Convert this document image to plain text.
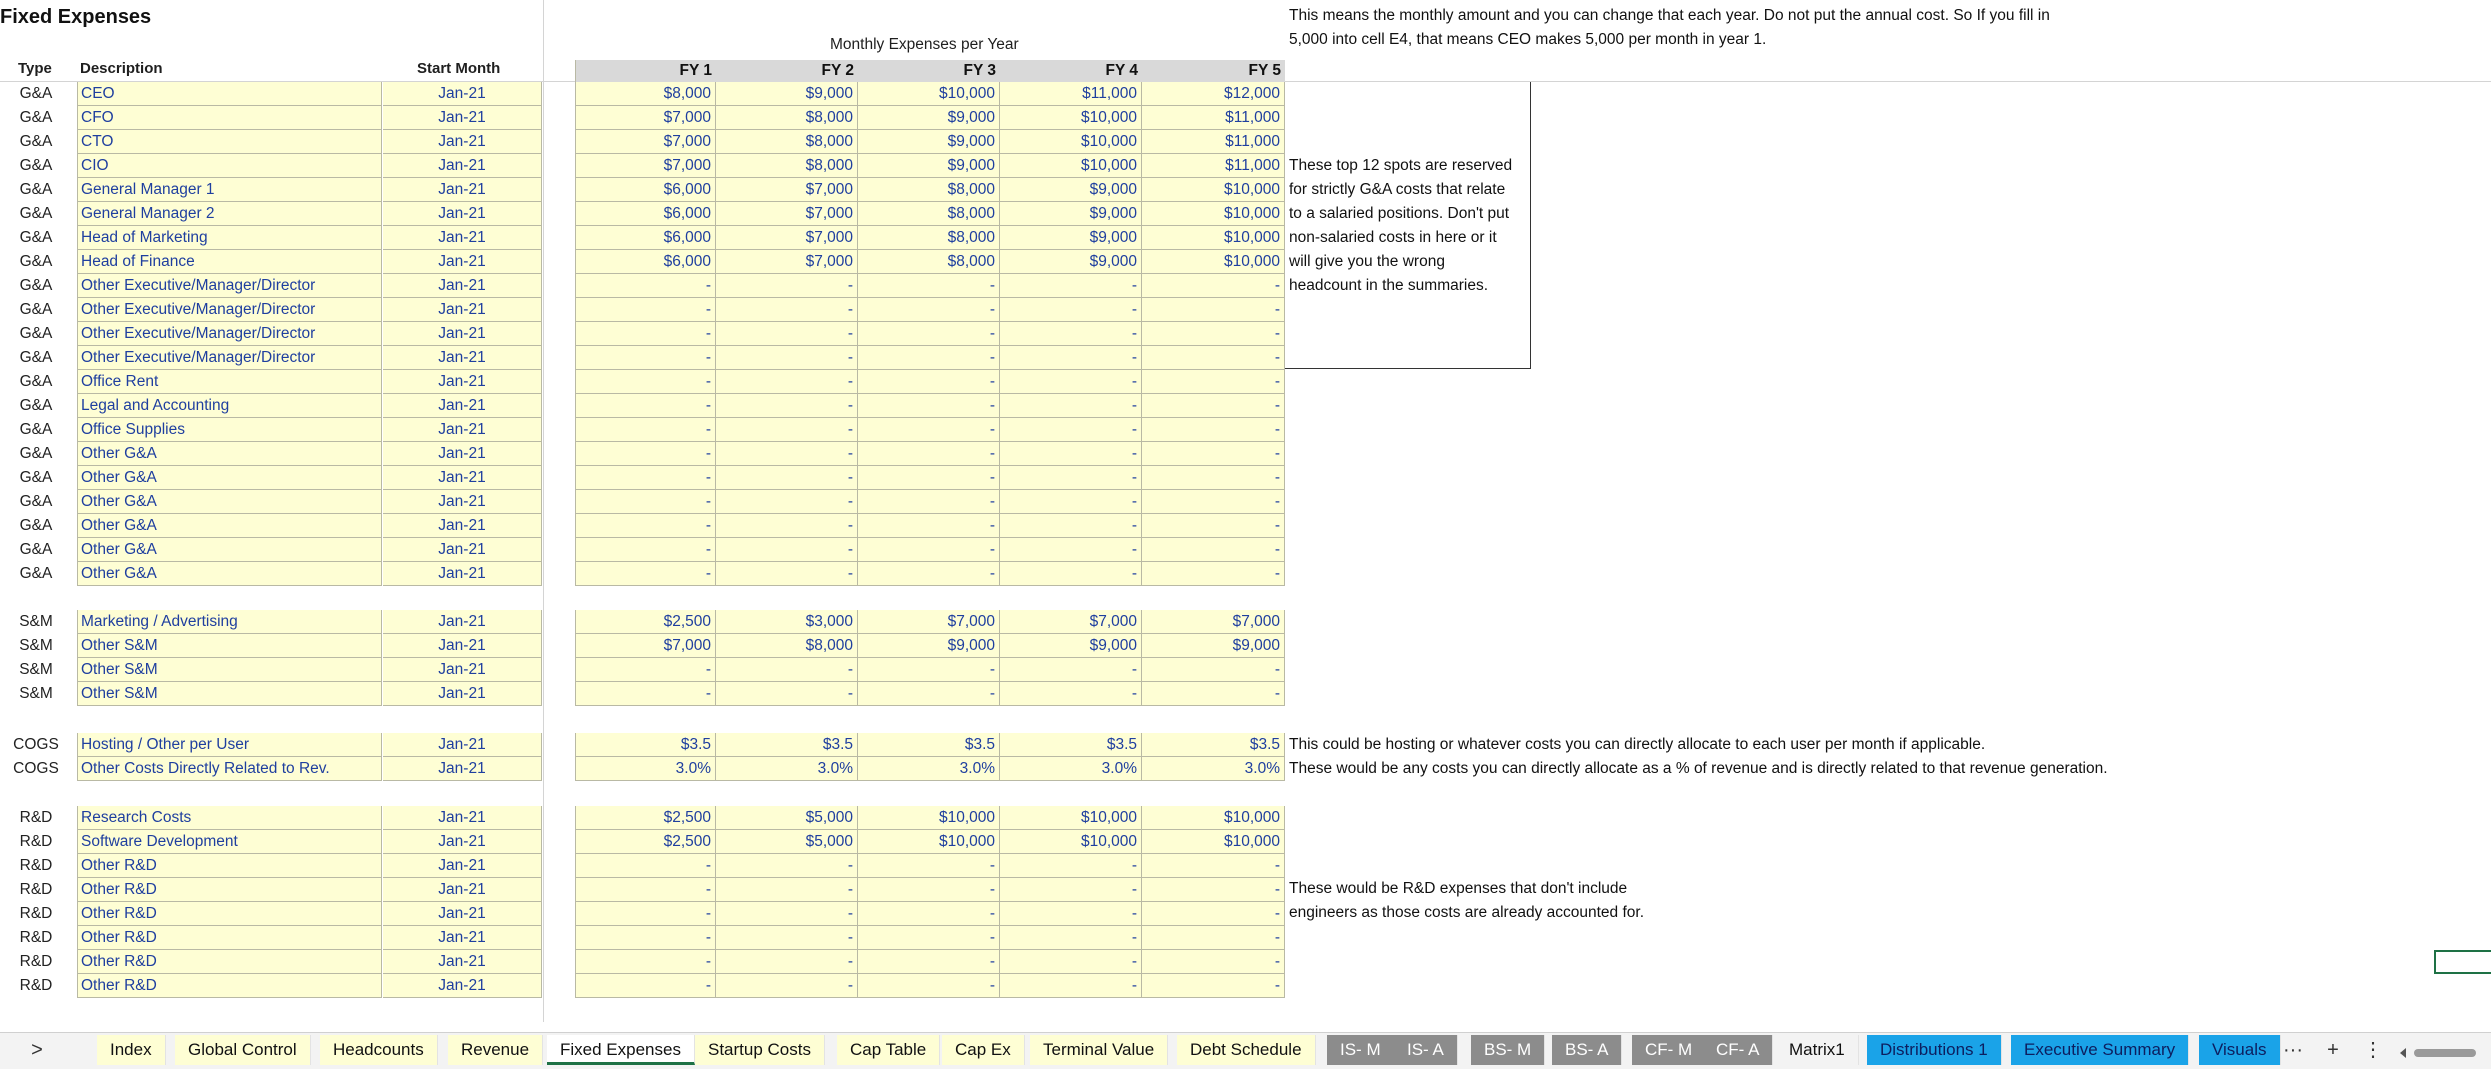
Fixed Expenses
Monthly Expenses per Year
Type Description	Start Month	FY 1	FY 2	FY 3	FY 4	FY 5
G&A	CEO	Jan-21	$8,000	$9,000	$10,000	$11,000	$12,000
G&A	CFO	Jan-21	$7,000	$8,000	$9,000	$10,000	$11,000
G&A	CTO	Jan-21	$7,000	$8,000	$9,000	$10,000	$11,000
G&A	CIO	Jan-21	$7,000	$8,000	$9,000	$10,000	$11,000
G&A	General Manager 1	Jan-21	$6,000	$7,000	$8,000	$9,000	$10,000
G&A	General Manager 2	Jan-21	$6,000	$7,000	$8,000	$9,000	$10,000
G&A	Head of Marketing	Jan-21	$6,000	$7,000	$8,000	$9,000	$10,000
G&A	Head of Finance	Jan-21	$6,000	$7,000	$8,000	$9,000	$10,000
G&A	Other Executive/Manager/Director	Jan-21	-	-	-	-	-
G&A	Other Executive/Manager/Director	Jan-21	-	-	-	-	-
G&A	Other Executive/Manager/Director	Jan-21	-	-	-	-	-
G&A	Other Executive/Manager/Director	Jan-21	-	-	-	-	-
G&A	Office Rent	Jan-21	-	-	-	-	-
G&A	Legal and Accounting	Jan-21	-	-	-	-	-
G&A	Office Supplies	Jan-21	-	-	-	-	-
G&A	Other G&A	Jan-21	-	-	-	-	-
G&A	Other G&A	Jan-21	-	-	-	-	-
G&A	Other G&A	Jan-21	-	-	-	-	-
G&A	Other G&A	Jan-21	-	-	-	-	-
G&A	Other G&A	Jan-21	-	-	-	-	-
G&A	Other G&A	Jan-21	-	-	-	-	-
S&M	Marketing / Advertising	Jan-21	$2,500	$3,000	$7,000	$7,000	$7,000
S&M	Other S&M	Jan-21	$7,000	$8,000	$9,000	$9,000	$9,000
S&M	Other S&M	Jan-21	-	-	-	-	-
S&M	Other S&M	Jan-21	-	-	-	-	-
COGS	Hosting / Other per User	Jan-21	$3.5	$3.5	$3.5	$3.5	$3.5
COGS	Other Costs Directly Related to Rev.	Jan-21	3.0%	3.0%	3.0%	3.0%	3.0%
R&D	Research Costs	Jan-21	$2,500	$5,000	$10,000	$10,000	$10,000
R&D	Software Development	Jan-21	$2,500	$5,000	$10,000	$10,000	$10,000
R&D	Other R&D	Jan-21	-	-	-	-	-
R&D	Other R&D	Jan-21	-	-	-	-	-
R&D	Other R&D	Jan-21	-	-	-	-	-
R&D	Other R&D	Jan-21	-	-	-	-	-
R&D	Other R&D	Jan-21	-	-	-	-	-
R&D	Other R&D	Jan-21	-	-	-	-	-
This means the monthly amount and you can change that each year. Do not put the annual cost. So If you fill in
5,000 into cell E4, that means CEO makes 5,000 per month in year 1.
These top 12 spots are reserved
for strictly G&A costs that relate
to a salaried positions. Don't put
non-salaried costs in here or it
will give you the wrong
headcount in the summaries.
This could be hosting or whatever costs you can directly allocate to each user per month if applicable.
These would be any costs you can directly allocate as a % of revenue and is directly related to that revenue generation.
These would be R&D expenses that don't include
engineers as those costs are already accounted for.
>	Index	Global Control	Headcounts	Revenue	Fixed Expenses	Startup Costs	Cap Table	Cap Ex	Terminal Value	Debt Schedule	IS- M	IS- A	BS- M	BS- A	CF- M	CF- A	Matrix1	Distributions 1	Executive Summary	Visuals ···	+	⋮
